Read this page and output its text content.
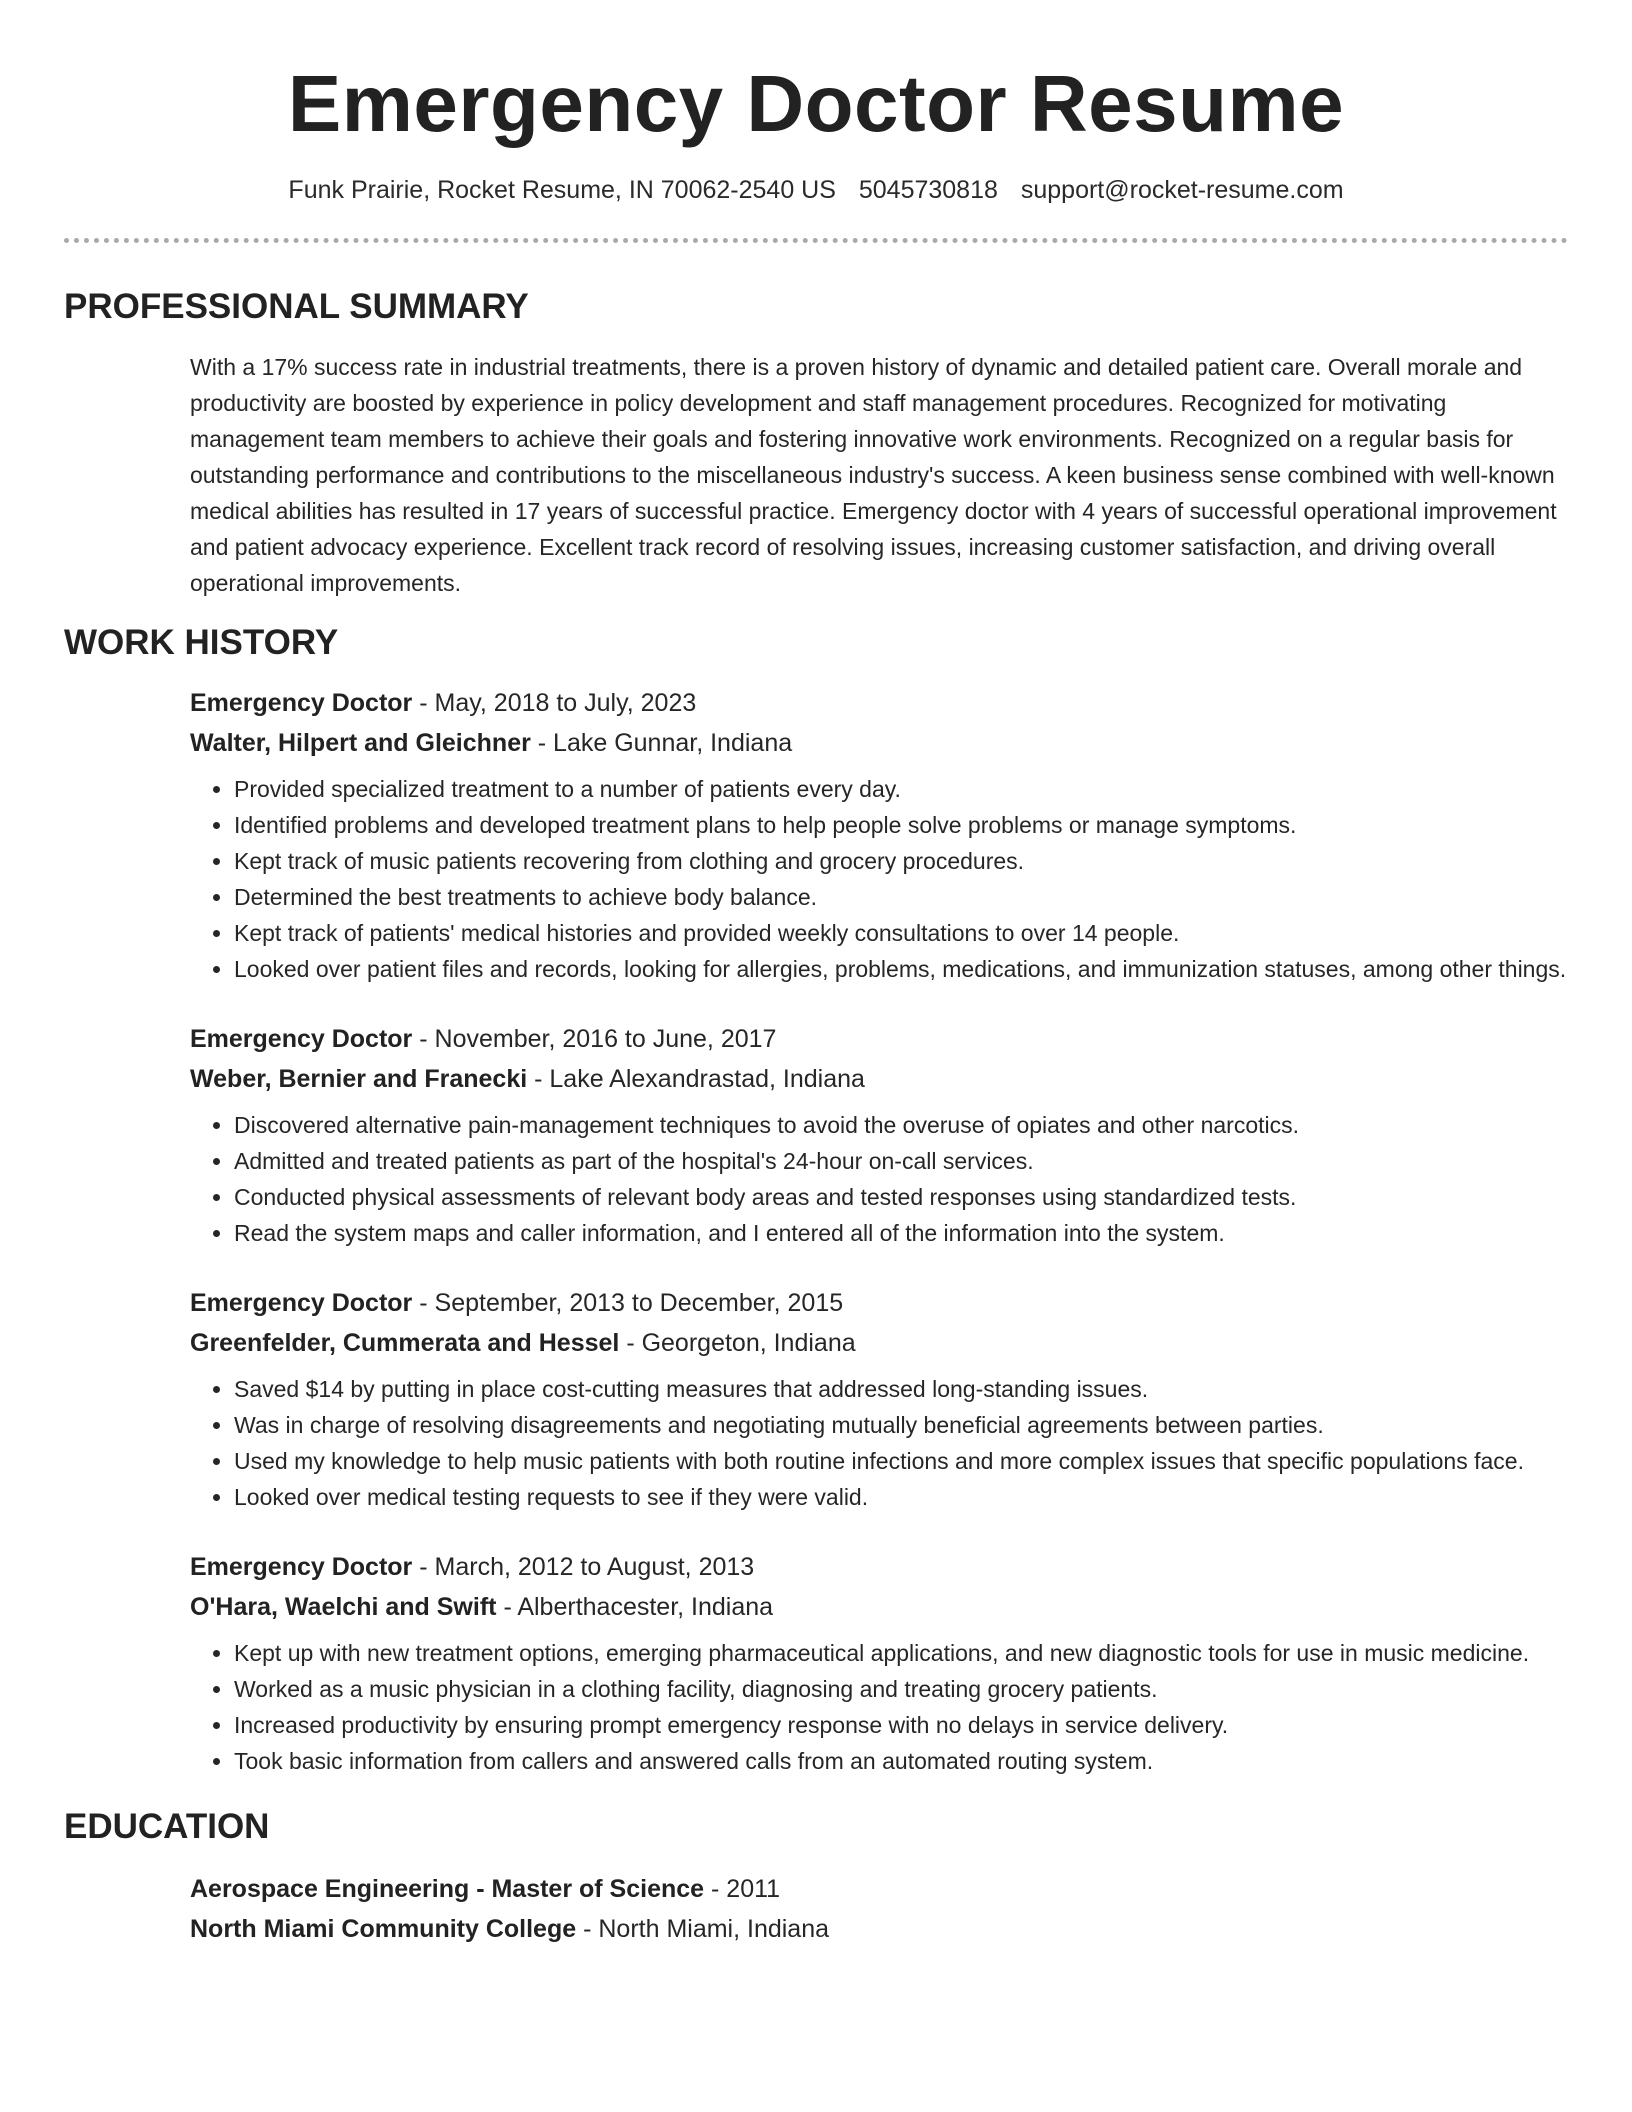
Emergency Doctor Resume
Funk Prairie, Rocket Resume, IN 70062-2540 US 5045730818 support@rocket-resume.com
PROFESSIONAL SUMMARY
With a 17% success rate in industrial treatments, there is a proven history of dynamic and detailed patient care. Overall morale and productivity are boosted by experience in policy development and staff management procedures. Recognized for motivating management team members to achieve their goals and fostering innovative work environments. Recognized on a regular basis for outstanding performance and contributions to the miscellaneous industry's success. A keen business sense combined with well-known medical abilities has resulted in 17 years of successful practice. Emergency doctor with 4 years of successful operational improvement and patient advocacy experience. Excellent track record of resolving issues, increasing customer satisfaction, and driving overall operational improvements.
WORK HISTORY
Emergency Doctor - May, 2018 to July, 2023
Walter, Hilpert and Gleichner - Lake Gunnar, Indiana
• Provided specialized treatment to a number of patients every day.
• Identified problems and developed treatment plans to help people solve problems or manage symptoms.
• Kept track of music patients recovering from clothing and grocery procedures.
• Determined the best treatments to achieve body balance.
• Kept track of patients' medical histories and provided weekly consultations to over 14 people.
• Looked over patient files and records, looking for allergies, problems, medications, and immunization statuses, among other things.
Emergency Doctor - November, 2016 to June, 2017
Weber, Bernier and Franecki - Lake Alexandrastad, Indiana
• Discovered alternative pain-management techniques to avoid the overuse of opiates and other narcotics.
• Admitted and treated patients as part of the hospital's 24-hour on-call services.
• Conducted physical assessments of relevant body areas and tested responses using standardized tests.
• Read the system maps and caller information, and I entered all of the information into the system.
Emergency Doctor - September, 2013 to December, 2015
Greenfelder, Cummerata and Hessel - Georgeton, Indiana
• Saved $14 by putting in place cost-cutting measures that addressed long-standing issues.
• Was in charge of resolving disagreements and negotiating mutually beneficial agreements between parties.
• Used my knowledge to help music patients with both routine infections and more complex issues that specific populations face.
• Looked over medical testing requests to see if they were valid.
Emergency Doctor - March, 2012 to August, 2013
O'Hara, Waelchi and Swift - Alberthacester, Indiana
• Kept up with new treatment options, emerging pharmaceutical applications, and new diagnostic tools for use in music medicine.
• Worked as a music physician in a clothing facility, diagnosing and treating grocery patients.
• Increased productivity by ensuring prompt emergency response with no delays in service delivery.
• Took basic information from callers and answered calls from an automated routing system.
EDUCATION
Aerospace Engineering - Master of Science - 2011
North Miami Community College - North Miami, Indiana
